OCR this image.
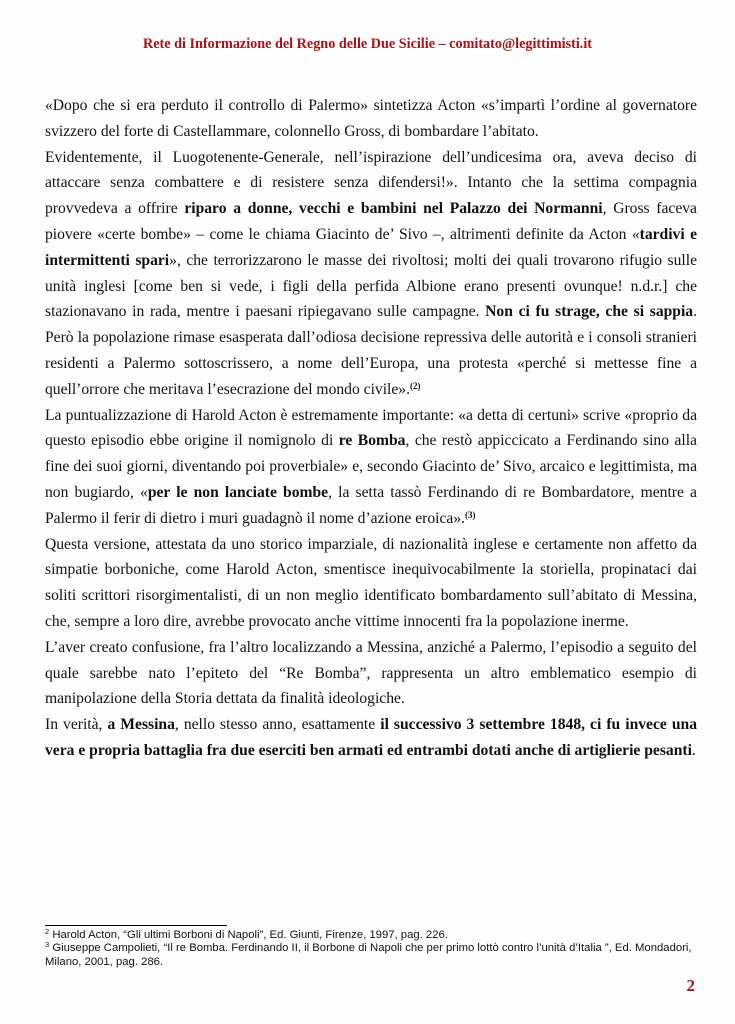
Rete di Informazione del Regno delle Due Sicilie – comitato@legittimisti.it

«Dopo che si era perduto il controllo di Palermo» sintetizza Acton «s’impartì l’ordine al governatore svizzero del forte di Castellammare, colonnello Gross, di bombardare l’abitato.

Evidentemente, il Luogotenente-Generale, nell’ispirazione dell’undicesima ora, aveva deciso di attaccare senza combattere e di resistere senza difendersi!». Intanto che la settima compagnia provvedeva a offrire riparo a donne, vecchi e bambini nel Palazzo dei Normanni, Gross faceva piovere «certe bombe» – come le chiama Giacinto de’ Sivo –, altrimenti definite da Acton «tardivi e intermittenti spari», che terrorizzarono le masse dei rivoltosi; molti dei quali trovarono rifugio sulle unità inglesi [come ben si vede, i figli della perfida Albione erano presenti ovunque! n.d.r.] che stazionavano in rada, mentre i paesani ripiegavano sulle campagne. Non ci fu strage, che si sappia. Però la popolazione rimase esasperata dall’odiosa decisione repressiva delle autorità e i consoli stranieri residenti a Palermo sottoscrissero, a nome dell’Europa, una protesta «perché si mettesse fine a quell’orrore che meritava l’esecrazione del mondo civile».$^{(2)}$

La puntualizzazione di Harold Acton è estremamente importante: «a detta di certuni» scrive «proprio da questo episodio ebbe origine il nomignolo di re Bomba, che restò appiccicato a Ferdinando sino alla fine dei suoi giorni, diventando poi proverbiale» e, secondo Giacinto de’ Sivo, arcaico e legittimista, ma non bugiardo, «per le non lanciate bombe, la setta tassò Ferdinando di re Bombardatore, mentre a Palermo il ferir di dietro i muri guadagnò il nome d’azione eroica».$^{(3)}$

Questa versione, attestata da uno storico imparziale, di nazionalità inglese e certamente non affetto da simpatie borboniche, come Harold Acton, smentisce inequivocabilmente la storiella, propinataci dai soliti scrittori risorgimentalisti, di un non meglio identificato bombardamento sull’abitato di Messina, che, sempre a loro dire, avrebbe provocato anche vittime innocenti fra la popolazione inerme.

L’aver creato confusione, fra l’altro localizzando a Messina, anziché a Palermo, l’episodio a seguito del quale sarebbe nato l’epiteto del “Re Bomba”, rappresenta un altro emblematico esempio di manipolazione della Storia dettata da finalità ideologiche.

In verità, a Messina, nello stesso anno, esattamente il successivo 3 settembre 1848, ci fu invece una vera e propria battaglia fra due eserciti ben armati ed entrambi dotati anche di artiglierie pesanti.

$^2$ Harold Acton, “Gli ultimi Borboni di Napoli”, Ed. Giunti, Firenze, 1997, pag. 226.

$^3$ Giuseppe Campolieti, “Il re Bomba. Ferdinando II, il Borbone di Napoli che per primo lottò contro l’unità d’Italia ”, Ed. Mondadori, Milano, 2001, pag. 286.

2
